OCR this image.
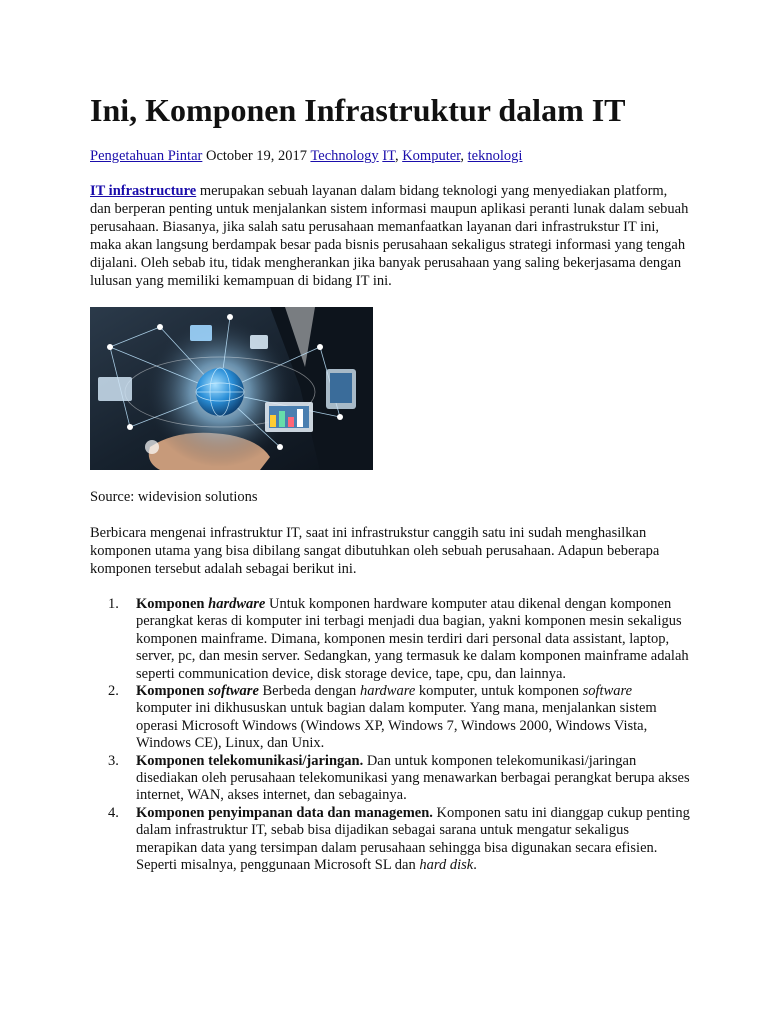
Ini, Komponen Infrastruktur dalam IT
Pengetahuan Pintar October 19, 2017 Technology IT, Komputer, teknologi

IT infrastructure merupakan sebuah layanan dalam bidang teknologi yang menyediakan platform, dan berperan penting untuk menjalankan sistem informasi maupun aplikasi peranti lunak dalam sebuah perusahaan. Biasanya, jika salah satu perusahaan memanfaatkan layanan dari infrastrukstur IT ini, maka akan langsung berdampak besar pada bisnis perusahaan sekaligus strategi informasi yang tengah dijalani. Oleh sebab itu, tidak mengherankan jika banyak perusahaan yang saling bekerjasama dengan lulusan yang memiliki kemampuan di bidang IT ini.

Source: widevision solutions

Berbicara mengenai infrastruktur IT, saat ini infrastrukstur canggih satu ini sudah menghasilkan komponen utama yang bisa dibilang sangat dibutuhkan oleh sebuah perusahaan. Adapun beberapa komponen tersebut adalah sebagai berikut ini.

1. Komponen hardware Untuk komponen hardware komputer atau dikenal dengan komponen perangkat keras di komputer ini terbagi menjadi dua bagian, yakni komponen mesin sekaligus komponen mainframe. Dimana, komponen mesin terdiri dari personal data assistant, laptop, server, pc, dan mesin server. Sedangkan, yang termasuk ke dalam komponen mainframe adalah seperti communication device, disk storage device, tape, cpu, dan lainnya.
2. Komponen software Berbeda dengan hardware komputer, untuk komponen software komputer ini dikhususkan untuk bagian dalam komputer. Yang mana, menjalankan sistem operasi Microsoft Windows (Windows XP, Windows 7, Windows 2000, Windows Vista, Windows CE), Linux, dan Unix.
3. Komponen telekomunikasi/jaringan. Dan untuk komponen telekomunikasi/jaringan disediakan oleh perusahaan telekomunikasi yang menawarkan berbagai perangkat berupa akses internet, WAN, akses internet, dan sebagainya.
4. Komponen penyimpanan data dan managemen. Komponen satu ini dianggap cukup penting dalam infrastruktur IT, sebab bisa dijadikan sebagai sarana untuk mengatur sekaligus merapikan data yang tersimpan dalam perusahaan sehingga bisa digunakan secara efisien. Seperti misalnya, penggunaan Microsoft SL dan hard disk.
